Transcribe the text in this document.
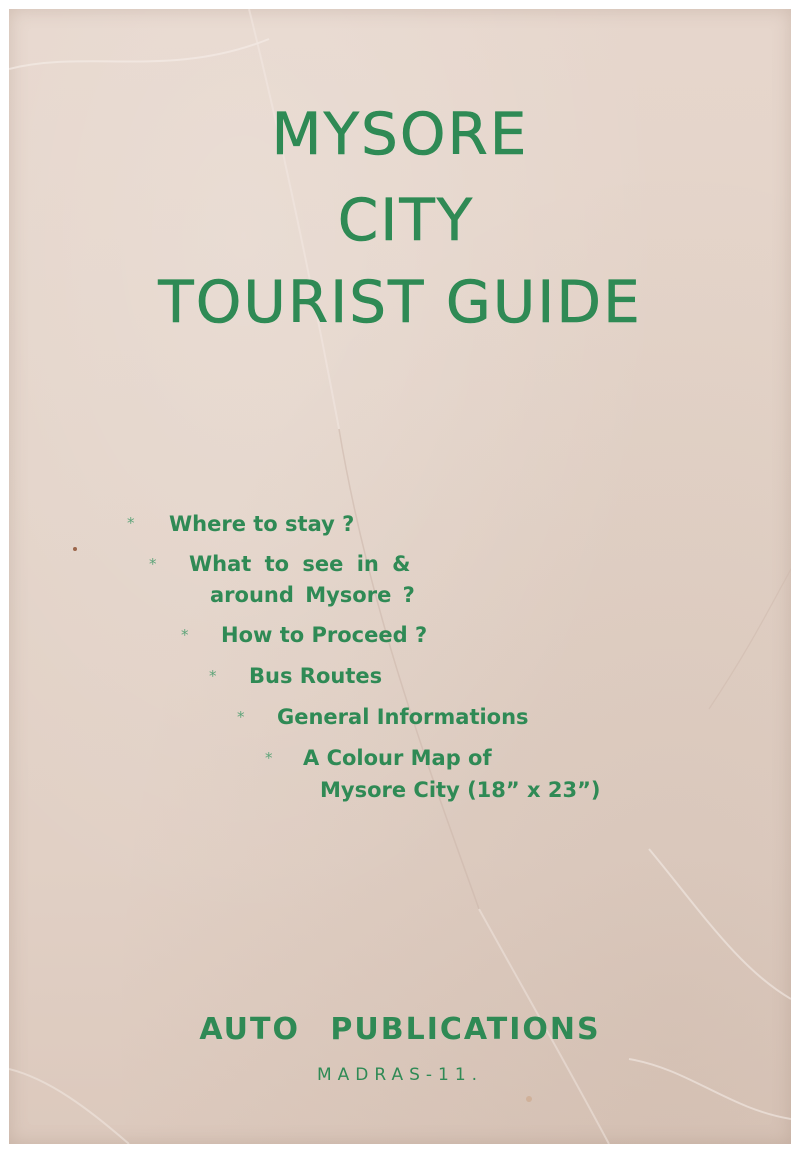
MYSORE
CITY
TOURIST GUIDE
* Where to stay ?
* What to see in &
around Mysore ?
* How to Proceed ?
* Bus Routes
* General Informations
* A Colour Map of
Mysore City (18” x 23”)
AUTO PUBLICATIONS
MADRAS-11.
